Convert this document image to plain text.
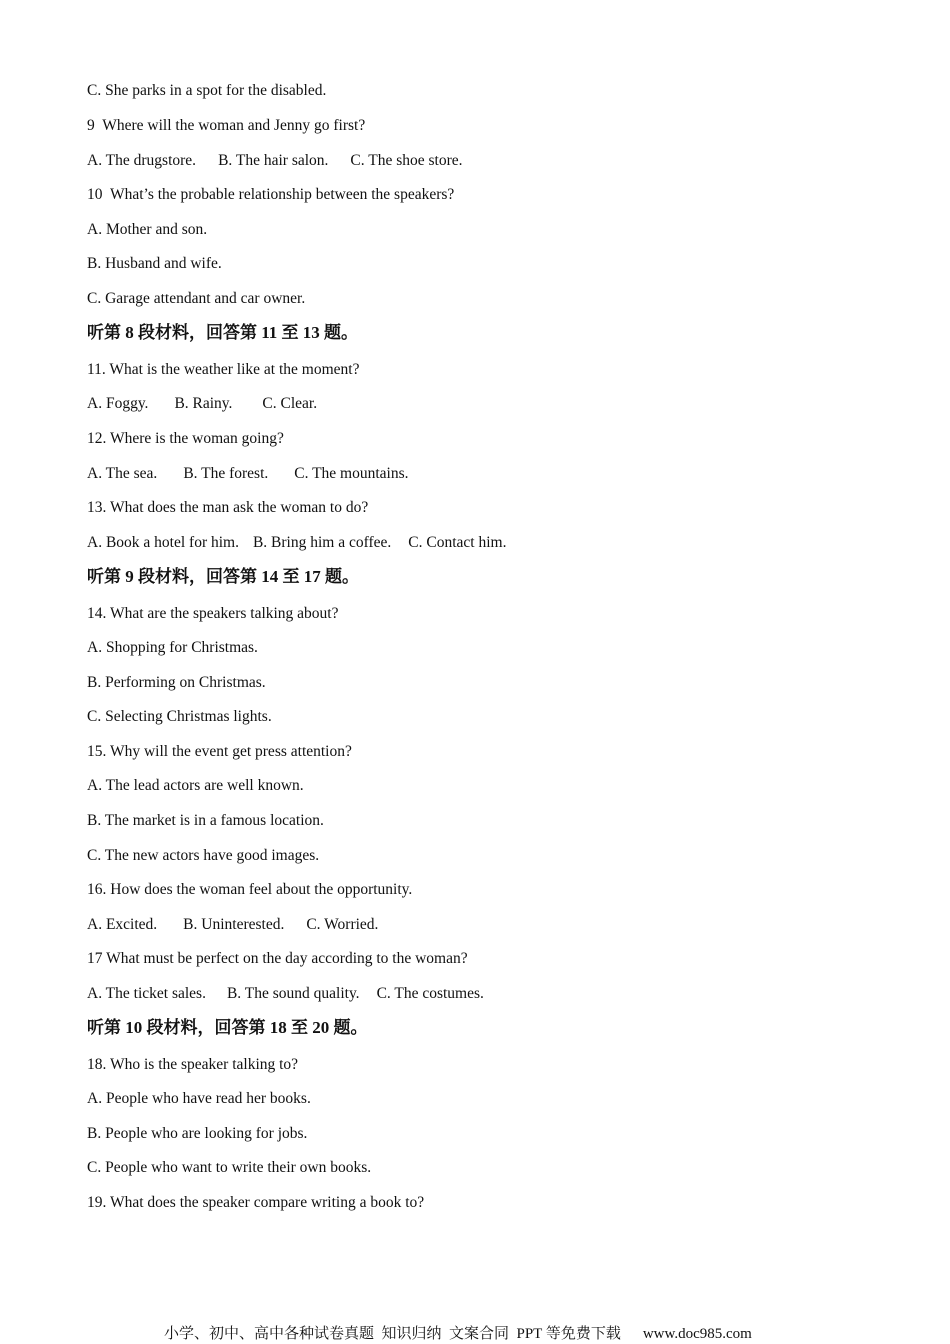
C. She parks in a spot for the disabled.
9  Where will the woman and Jenny go first?
A. The drugstore. B. The hair salon. C. The shoe store.
10  What’s the probable relationship between the speakers?
A. Mother and son.
B. Husband and wife.
C. Garage attendant and car owner.
听第 8 段材料，回答第 11 至 13 题。
11. What is the weather like at the moment?
A. Foggy. B. Rainy. C. Clear.
12. Where is the woman going?
A. The sea. B. The forest. C. The mountains.
13. What does the man ask the woman to do?
A. Book a hotel for him. B. Bring him a coffee. C. Contact him.
听第 9 段材料，回答第 14 至 17 题。
14. What are the speakers talking about?
A. Shopping for Christmas.
B. Performing on Christmas.
C. Selecting Christmas lights.
15. Why will the event get press attention?
A. The lead actors are well known.
B. The market is in a famous location.
C. The new actors have good images.
16. How does the woman feel about the opportunity.
A. Excited. B. Uninterested. C. Worried.
17 What must be perfect on the day according to the woman?
A. The ticket sales. B. The sound quality. C. The costumes.
听第 10 段材料，回答第 18 至 20 题。
18. Who is the speaker talking to?
A. People who have read her books.
B. People who are looking for jobs.
C. People who want to write their own books.
19. What does the speaker compare writing a book to?
小学、初中、高中各种试卷真题  知识归纳  文案合同  PPT 等免费下载 www.doc985.com
